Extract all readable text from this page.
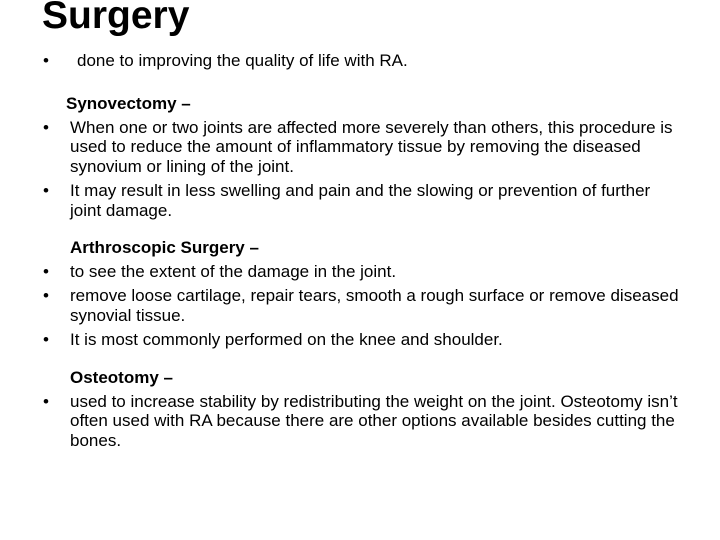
Surgery
•	done to improving the quality of life with RA.
Synovectomy –
•	When one or two joints are affected more severely than others, this procedure is used to reduce the amount of inflammatory tissue by removing the diseased synovium or lining of the joint.
•	It may result in less swelling and pain and the slowing or prevention of further joint damage.
Arthroscopic Surgery –
•	to see the extent of the damage in the joint.
•	remove loose cartilage, repair tears, smooth a rough surface or remove diseased synovial tissue.
•	It is most commonly performed on the knee and shoulder.
Osteotomy –
•	used to increase stability by redistributing the weight on the joint. Osteotomy isn’t often used with RA because there are other options available besides cutting the bones.
